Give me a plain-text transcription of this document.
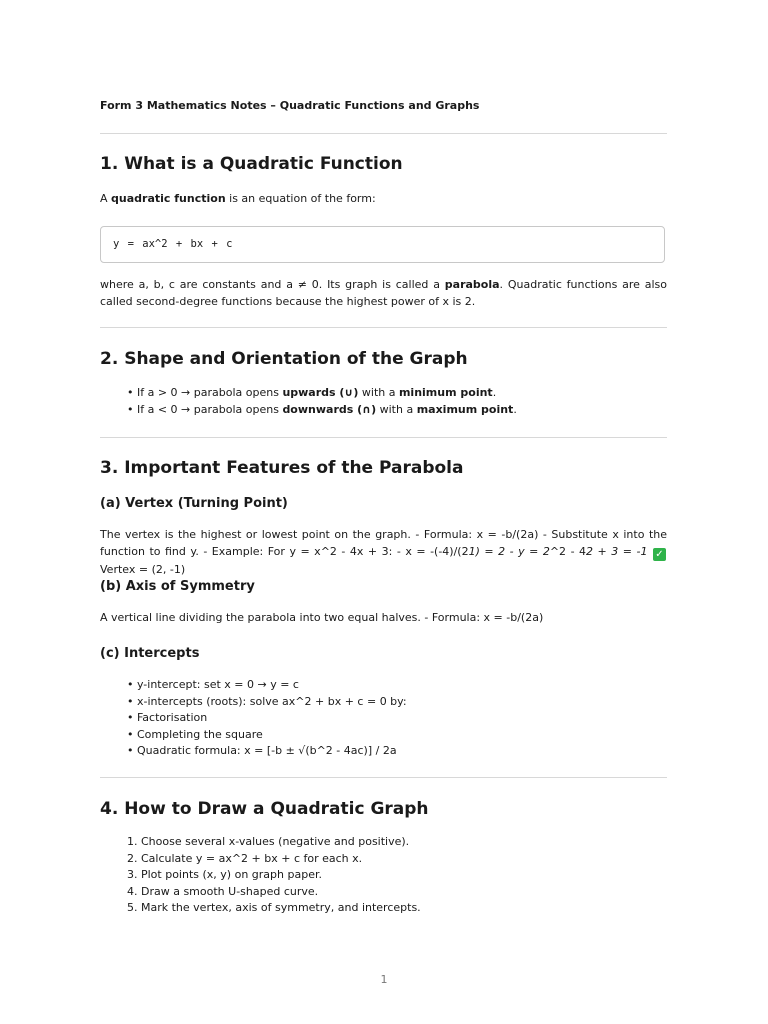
Form 3 Mathematics Notes – Quadratic Functions and Graphs

1. What is a Quadratic Function

A quadratic function is an equation of the form:

y = ax^2 + bx + c

where a, b, c are constants and a ≠ 0. Its graph is called a parabola. Quadratic functions are also called second-degree functions because the highest power of x is 2.

2. Shape and Orientation of the Graph
• If a > 0 → parabola opens upwards (∪) with a minimum point.
• If a < 0 → parabola opens downwards (∩) with a maximum point.
3. Important Features of the Parabola
(a) Vertex (Turning Point)

The vertex is the highest or lowest point on the graph. - Formula: x = -b/(2a) - Substitute x into the function to find y. - Example: For y = x^2 - 4x + 3: - x = -(-4)/(21) = 2 - y = 2^2 - 42 + 3 = -1 ✓Vertex = (2, -1)

(b) Axis of Symmetry

A vertical line dividing the parabola into two equal halves. - Formula: x = -b/(2a)

(c) Intercepts
• y-intercept: set x = 0 → y = c
• x-intercepts (roots): solve ax^2 + bx + c = 0 by:
• Factorisation
• Completing the square
• Quadratic formula: x = [-b ± √(b^2 - 4ac)] / 2a
4. How to Draw a Quadratic Graph
1. Choose several x-values (negative and positive).
2. Calculate y = ax^2 + bx + c for each x.
3. Plot points (x, y) on graph paper.
4. Draw a smooth U-shaped curve.
5. Mark the vertex, axis of symmetry, and intercepts.
1
